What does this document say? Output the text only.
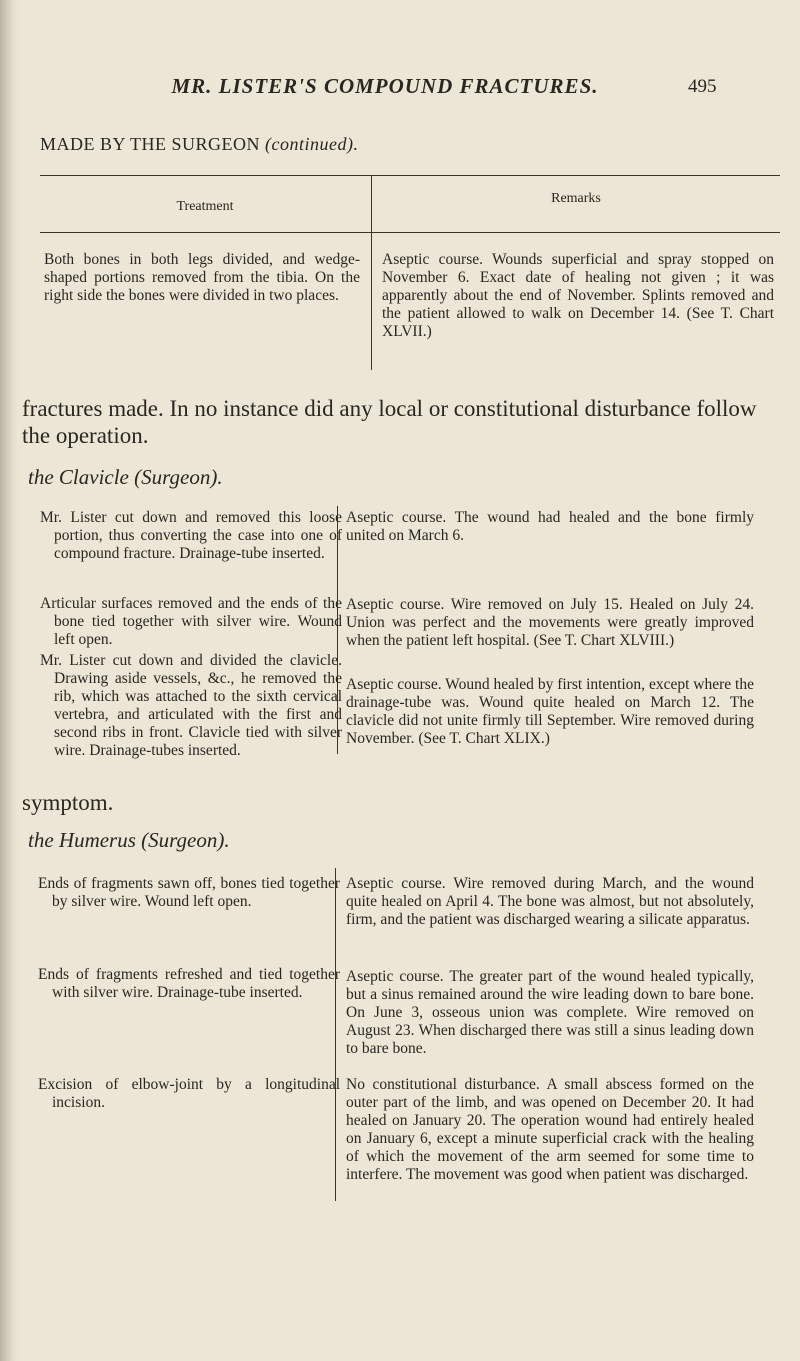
MR. LISTER'S COMPOUND FRACTURES.	495
MADE BY THE SURGEON (continued).
Treatment
Remarks
Both bones in both legs divided, and wedge-shaped portions removed from the tibia. On the right side the bones were divided in two places.
Aseptic course. Wounds superficial and spray stopped on November 6. Exact date of healing not given ; it was apparently about the end of November. Splints removed and the patient allowed to walk on December 14. (See T. Chart XLVII.)
fractures made. In no instance did any local or constitutional disturbance follow the operation.
the Clavicle (Surgeon).
Mr. Lister cut down and removed this loose portion, thus converting the case into one of compound fracture. Drainage-tube inserted.
Aseptic course. The wound had healed and the bone firmly united on March 6.
Articular surfaces removed and the ends of the bone tied together with silver wire. Wound left open.
Aseptic course. Wire removed on July 15. Healed on July 24. Union was perfect and the movements were greatly improved when the patient left hospital. (See T. Chart XLVIII.)
Mr. Lister cut down and divided the clavicle. Drawing aside vessels, &c., he removed the rib, which was attached to the sixth cervical vertebra, and articulated with the first and second ribs in front. Clavicle tied with silver wire. Drainage-tubes inserted.
Aseptic course. Wound healed by first intention, except where the drainage-tube was. Wound quite healed on March 12. The clavicle did not unite firmly till September. Wire removed during November. (See T. Chart XLIX.)
symptom.
the Humerus (Surgeon).
Ends of fragments sawn off, bones tied together by silver wire. Wound left open.
Aseptic course. Wire removed during March, and the wound quite healed on April 4. The bone was almost, but not absolutely, firm, and the patient was discharged wearing a silicate apparatus.
Ends of fragments refreshed and tied together with silver wire. Drainage-tube inserted.
Aseptic course. The greater part of the wound healed typically, but a sinus remained around the wire leading down to bare bone. On June 3, osseous union was complete. Wire removed on August 23. When discharged there was still a sinus leading down to bare bone.
Excision of elbow-joint by a longitudinal incision.
No constitutional disturbance. A small abscess formed on the outer part of the limb, and was opened on December 20. It had healed on January 20. The operation wound had entirely healed on January 6, except a minute superficial crack with the healing of which the movement of the arm seemed for some time to interfere. The movement was good when patient was discharged.
